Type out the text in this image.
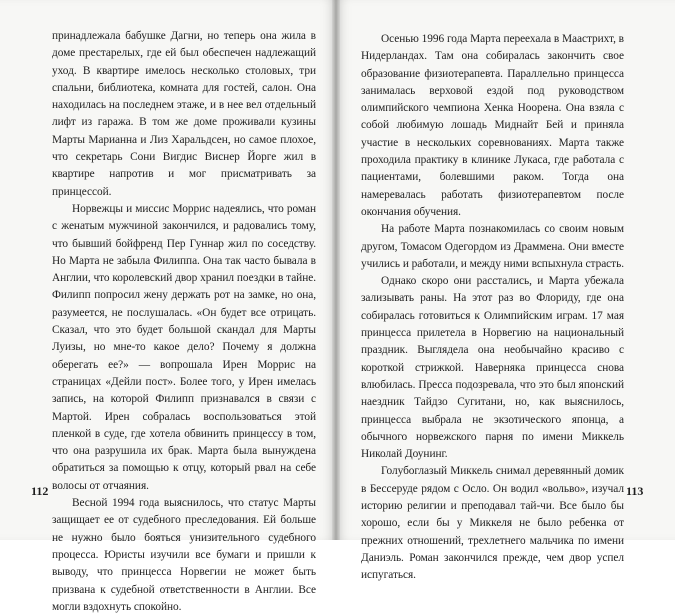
принадлежала бабушке Дагни, но теперь она жила в доме престарелых, где ей был обеспечен надлежащий уход. В квартире имелось несколько столовых, три спальни, библиотека, комната для гостей, салон. Она находилась на последнем этаже, и в нее вел отдельный лифт из гаража. В том же доме проживали кузины Марты Марианна и Лиз Харальдсен, но самое плохое, что секретарь Сони Вигдис Виснер Йорге жил в квартире напротив и мог присматривать за принцессой.

Норвежцы и миссис Моррис надеялись, что роман с женатым мужчиной закончился, и радовались тому, что бывший бойфренд Пер Гуннар жил по соседству. Но Марта не забыла Филиппа. Она так часто бывала в Англии, что королевский двор хранил поездки в тайне. Филипп попросил жену держать рот на замке, но она, разумеется, не послушалась. «Он будет все отрицать. Сказал, что это будет большой скандал для Марты Луизы, но мне-то какое дело? Почему я должна оберегать ее?» — вопрошала Ирен Моррис на страницах «Дейли пост». Более того, у Ирен имелась запись, на которой Филипп признавался в связи с Мартой. Ирен собралась воспользоваться этой пленкой в суде, где хотела обвинить принцессу в том, что она разрушила их брак. Марта была вынуждена обратиться за помощью к отцу, который рвал на себе волосы от отчаяния.

Весной 1994 года выяснилось, что статус Марты защищает ее от судебного преследования. Ей больше не нужно было бояться унизительного судебного процесса. Юристы изучили все бумаги и пришли к выводу, что принцесса Норвегии не может быть призвана к судебной ответственности в Англии. Все могли вздохнуть спокойно.

112

Осенью 1996 года Марта переехала в Маастрихт, в Нидерландах. Там она собиралась закончить свое образование физиотерапевта. Параллельно принцесса занималась верховой ездой под руководством олимпийского чемпиона Хенка Ноорена. Она взяла с собой любимую лошадь Миднайт Бей и приняла участие в нескольких соревнованиях. Марта также проходила практику в клинике Лукаса, где работала с пациентами, болевшими раком. Тогда она намеревалась работать физиотерапевтом после окончания обучения.

На работе Марта познакомилась со своим новым другом, Томасом Одегордом из Драммена. Они вместе учились и работали, и между ними вспыхнула страсть.

Однако скоро они расстались, и Марта убежала зализывать раны. На этот раз во Флориду, где она собиралась готовиться к Олимпийским играм. 17 мая принцесса прилетела в Норвегию на национальный праздник. Выглядела она необычайно красиво с короткой стрижкой. Наверняка принцесса снова влюбилась. Пресса подозревала, что это был японский наездник Тайдзо Сугитани, но, как выяснилось, принцесса выбрала не экзотического японца, а обычного норвежского парня по имени Миккель Николай Доунинг.

Голубоглазый Миккель снимал деревянный домик в Бессеруде рядом с Осло. Он водил «вольво», изучал историю религии и преподавал тай-чи. Все было бы хорошо, если бы у Миккеля не было ребенка от прежних отношений, трехлетнего мальчика по имени Даниэль. Роман закончился прежде, чем двор успел испугаться.

113
